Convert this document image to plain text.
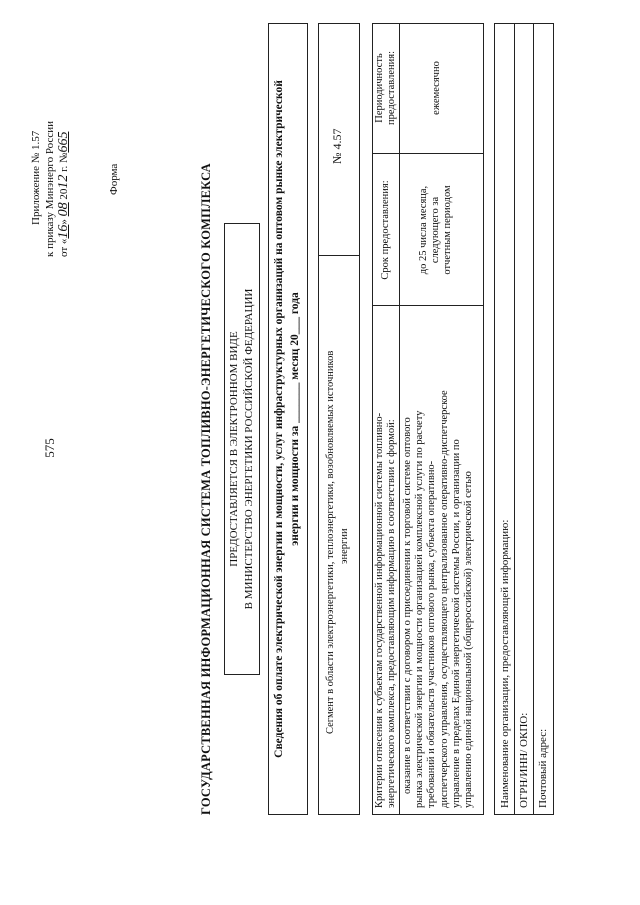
575
Приложение № 1.57 к приказу Минэнерго России от «16» 08 2012 г. №665
Форма	ГОСУДАРСТВЕННАЯ ИНФОРМАЦИОННАЯ СИСТЕМА ТОПЛИВНО-ЭНЕРГЕТИЧЕСКОГО КОМПЛЕКСА ПРЕДОСТАВЛЯЕТСЯ В ЭЛЕКТРОННОМ ВИДЕ В МИНИСТЕРСТВО ЭНЕРГЕТИКИ РОССИЙСКОЙ ФЕДЕРАЦИИ Сведения об оплате электрической энергии и мощности, услуг инфраструктурных организаций на оптовом рынке электрической энергии и мощности за _______ месяц 20___ года Сегмент в области электроэнергетики, теплоэнергетики, возобновляемых источников энергии
№ 4.57
Критерии отнесения к субъектам государственной информационной системы топливно- энергетического комплекса, предоставляющим информацию в соответствии с формой: оказание в соответствии с договором о присоединении к торговой системе оптового рынка электрической энергии и мощности организацией комплексной услуги по расчету требований и обязательств участников оптового рынка, субъекта оперативно- диспетчерского управления, осуществляющего централизованное оперативно-диспетчерское управление в пределах Единой энергетической системы России, и организации по управлению единой национальной (общероссийской) электрической сетью
Срок предоставления:	до 25 числа месяца, следующего за отчетным периодом
Периодичность предоставления:	ежемесячно
Наименование организации, предоставляющей информацию: ОГРН/ИНН/ ОКПО: Почтовый адрес:
